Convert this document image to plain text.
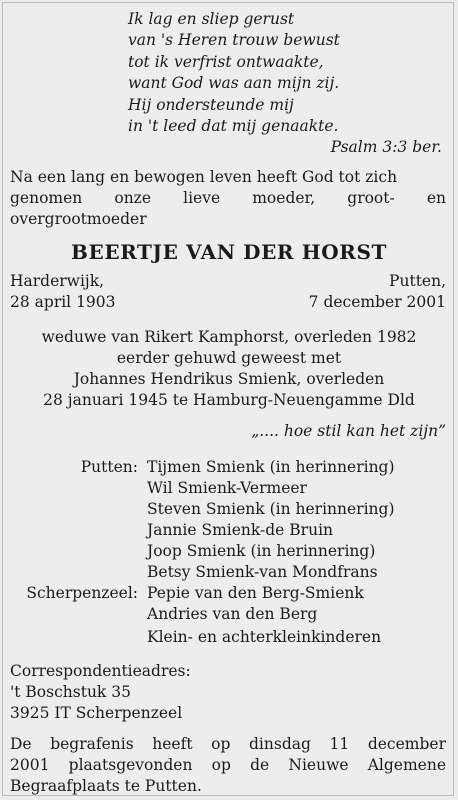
Ik lag en sliep gerust
van 's Heren trouw bewust
tot ik verfrist ontwaakte,
want God was aan mijn zij.
Hij ondersteunde mij
in 't leed dat mij genaakte.
Psalm 3:3 ber.
Na een lang en bewogen leven heeft God tot zich
genomen onze lieve moeder, groot- en
overgrootmoeder
BEERTJE VAN DER HORST
Harderwijk,
28 april 1903
Putten,
7 december 2001
weduwe van Rikert Kamphorst, overleden 1982
eerder gehuwd geweest met
Johannes Hendrikus Smienk, overleden
28 januari 1945 te Hamburg-Neuengamme Dld
„.... hoe stil kan het zijn”
Putten: Tijmen Smienk (in herinnering)
Wil Smienk-Vermeer
Steven Smienk (in herinnering)
Jannie Smienk-de Bruin
Joop Smienk (in herinnering)
Betsy Smienk-van Mondfrans
Scherpenzeel: Pepie van den Berg-Smienk
Andries van den Berg
Klein- en achterkleinkinderen
Correspondentieadres:
't Boschstuk 35
3925 IT Scherpenzeel
De begrafenis heeft op dinsdag 11 december
2001 plaatsgevonden op de Nieuwe Algemene
Begraafplaats te Putten.
